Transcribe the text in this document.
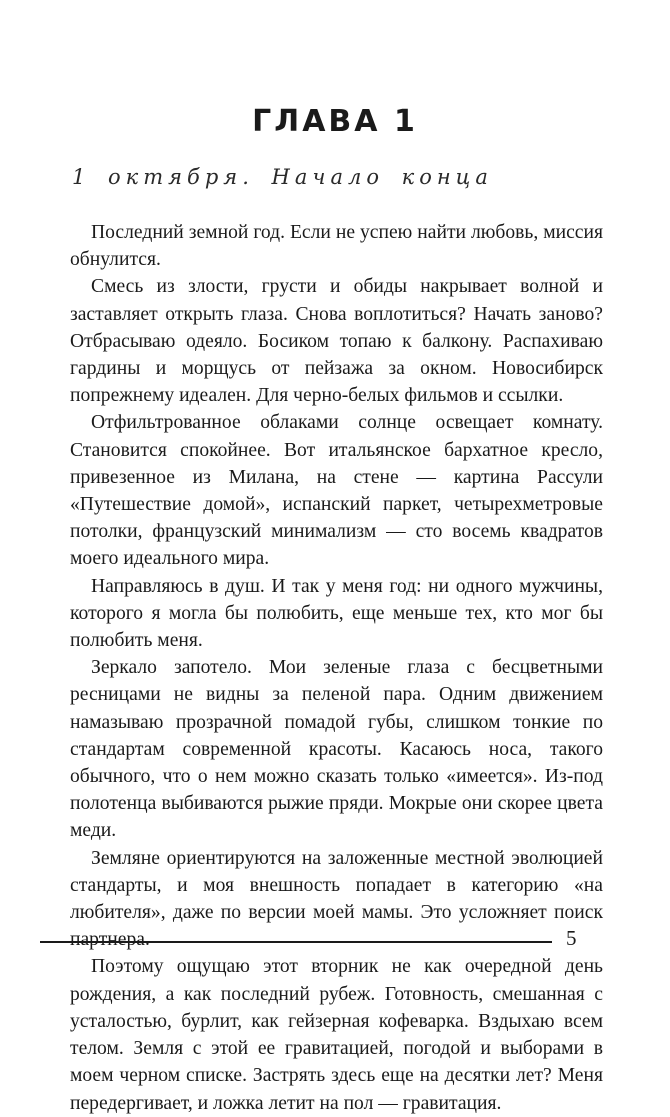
ГЛАВА 1
1 октября. Начало конца

Последний земной год. Если не успею найти любовь, миссия обнулится.

Смесь из злости, грусти и обиды накрывает волной и заставляет открыть глаза. Снова воплотиться? Начать заново? Отбрасываю одеяло. Босиком топаю к балкону. Распахиваю гардины и морщусь от пейзажа за окном. Новосибирск попрежнему идеален. Для черно-белых фильмов и ссылки.

Отфильтрованное облаками солнце освещает комнату. Становится спокойнее. Вот итальянское бархатное кресло, привезенное из Милана, на стене — картина Рассули «Путешествие домой», испанский паркет, четырехметровые потолки, французский минимализм — сто восемь квадратов моего идеального мира.

Направляюсь в душ. И так у меня год: ни одного мужчины, которого я могла бы полюбить, еще меньше тех, кто мог бы полюбить меня.

Зеркало запотело. Мои зеленые глаза с бесцветными ресницами не видны за пеленой пара. Одним движением намазываю прозрачной помадой губы, слишком тонкие по стандартам современной красоты. Касаюсь носа, такого обычного, что о нем можно сказать только «имеется». Из-под полотенца выбиваются рыжие пряди. Мокрые они скорее цвета меди.

Земляне ориентируются на заложенные местной эволюцией стандарты, и моя внешность попадает в категорию «на любителя», даже по версии моей мамы. Это усложняет поиск партнера.

Поэтому ощущаю этот вторник не как очередной день рождения, а как последний рубеж. Готовность, смешанная с усталостью, бурлит, как гейзерная кофеварка. Вздыхаю всем телом. Земля с этой ее гравитацией, погодой и выборами в моем черном списке. Застрять здесь еще на десятки лет? Меня передергивает, и ложка летит на пол — гравитация.

5
